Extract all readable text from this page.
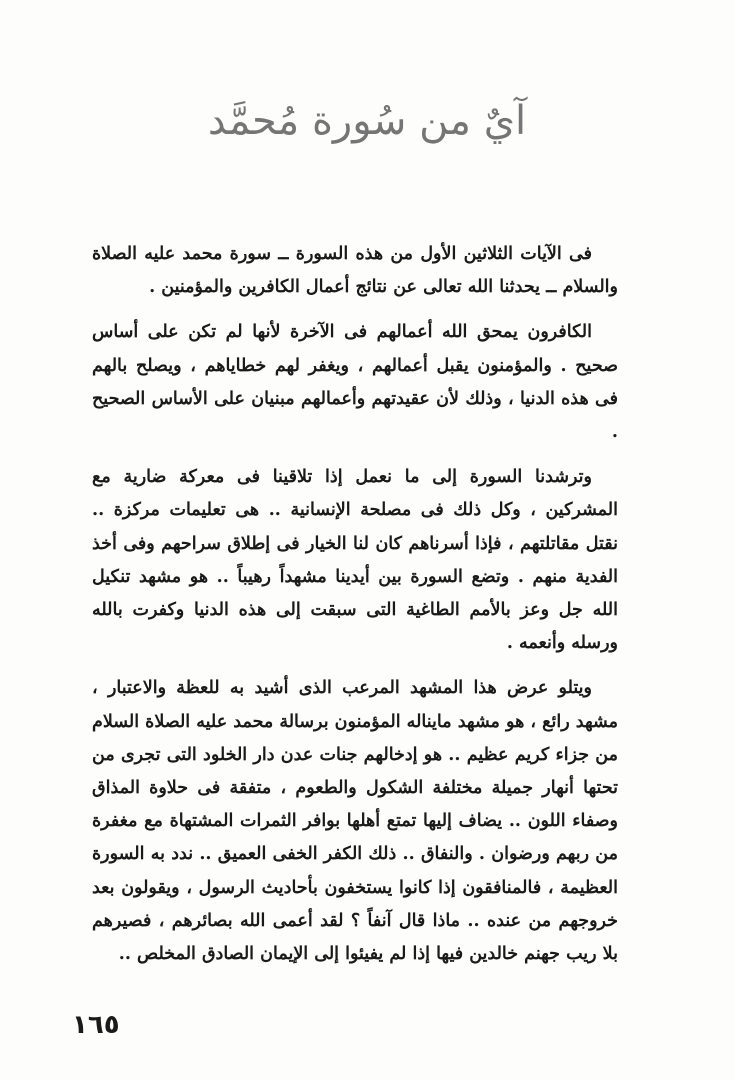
آيٌ من سُورة مُحمَّد

فى الآيات الثلاثين الأول من هذه السورة ــ سورة محمد عليه الصلاة والسلام ــ يحدثنا الله تعالى عن نتائج أعمال الكافرين والمؤمنين .

الكافرون يمحق الله أعمالهم فى الآخرة لأنها لم تكن على أساس صحيح . والمؤمنون يقبل أعمالهم ، ويغفر لهم خطاياهم ، ويصلح بالهم فى هذه الدنيا ، وذلك لأن عقيدتهم وأعمالهم مبنيان على الأساس الصحيح .

وترشدنا السورة إلى ما نعمل إذا تلاقينا فى معركة ضارية مع المشركين ، وكل ذلك فى مصلحة الإنسانية .. هى تعليمات مركزة .. نقتل مقاتلتهم ، فإذا أسرناهم كان لنا الخيار فى إطلاق سراحهم وفى أخذ الفدية منهم . وتضع السورة بين أيدينا مشهداً رهيباً .. هو مشهد تنكيل الله جل وعز بالأمم الطاغية التى سبقت إلى هذه الدنيا وكفرت بالله ورسله وأنعمه .

ويتلو عرض هذا المشهد المرعب الذى أشيد به للعظة والاعتبار ، مشهد رائع ، هو مشهد مايناله المؤمنون برسالة محمد عليه الصلاة السلام من جزاء كريم عظيم .. هو إدخالهم جنات عدن دار الخلود التى تجرى من تحتها أنهار جميلة مختلفة الشكول والطعوم ، متفقة فى حلاوة المذاق وصفاء اللون .. يضاف إليها تمتع أهلها بوافر الثمرات المشتهاة مع مغفرة من ربهم ورضوان . والنفاق .. ذلك الكفر الخفى العميق .. ندد به السورة العظيمة ، فالمنافقون إذا كانوا يستخفون بأحاديث الرسول ، ويقولون بعد خروجهم من عنده .. ماذا قال آنفاً ؟ لقد أعمى الله بصائرهم ، فصيرهم بلا ريب جهنم خالدين فيها إذا لم يفيئوا إلى الإيمان الصادق المخلص ..

١٦٥
